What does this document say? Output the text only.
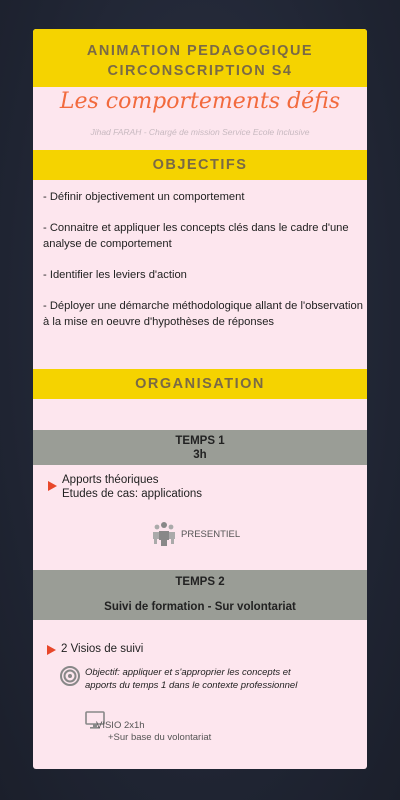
ANIMATION PEDAGOGIQUE
CIRCONSCRIPTION S4
Les comportements défis
Jihad FARAH - Chargé de mission Service Ecole Inclusive
OBJECTIFS
- Définir objectivement un comportement
- Connaitre et appliquer les concepts clés dans le cadre d'une analyse de comportement
- Identifier les leviers d'action
- Déployer une démarche méthodologique allant de l'observation à la mise en oeuvre d'hypothèses de réponses
ORGANISATION
TEMPS 1
3h
Apports théoriques
Etudes de cas: applications
PRESENTIEL
TEMPS 2
Suivi de formation - Sur volontariat
2 Visios de suivi
Objectif: appliquer et s'approprier les concepts et
apports du temps 1 dans le contexte professionnel
VISIO 2x1h
+Sur base du volontariat
